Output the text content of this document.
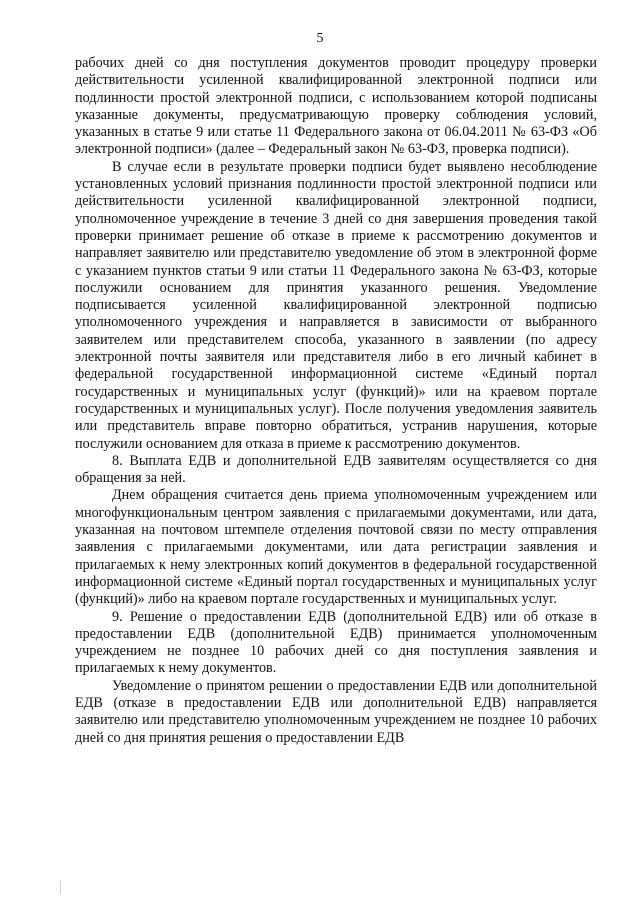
5

рабочих дней со дня поступления документов проводит процедуру проверки действительности усиленной квалифицированной электронной подписи или подлинности простой электронной подписи, с использованием которой подписаны указанные документы, предусматривающую проверку соблюдения условий, указанных в статье 9 или статье 11 Федерального закона от 06.04.2011 № 63-ФЗ «Об электронной подписи» (далее – Федеральный закон № 63-ФЗ, проверка подписи).

В случае если в результате проверки подписи будет выявлено несоблюдение установленных условий признания подлинности простой электронной подписи или действительности усиленной квалифицированной электронной подписи, уполномоченное учреждение в течение 3 дней со дня завершения проведения такой проверки принимает решение об отказе в приеме к рассмотрению документов и направляет заявителю или представителю уведомление об этом в электронной форме с указанием пунктов статьи 9 или статьи 11 Федерального закона № 63-ФЗ, которые послужили основанием для принятия указанного решения. Уведомление подписывается усиленной квалифицированной электронной подписью уполномоченного учреждения и направляется в зависимости от выбранного заявителем или представителем способа, указанного в заявлении (по адресу электронной почты заявителя или представителя либо в его личный кабинет в федеральной государственной информационной системе «Единый портал государственных и муниципальных услуг (функций)» или на краевом портале государственных и муниципальных услуг). После получения уведомления заявитель или представитель вправе повторно обратиться, устранив нарушения, которые послужили основанием для отказа в приеме к рассмотрению документов.

8. Выплата ЕДВ и дополнительной ЕДВ заявителям осуществляется со дня обращения за ней.

Днем обращения считается день приема уполномоченным учреждением или многофункциональным центром заявления с прилагаемыми документами, или дата, указанная на почтовом штемпеле отделения почтовой связи по месту отправления заявления с прилагаемыми документами, или дата регистрации заявления и прилагаемых к нему электронных копий документов в федеральной государственной информационной системе «Единый портал государственных и муниципальных услуг (функций)» либо на краевом портале государственных и муниципальных услуг.

9. Решение о предоставлении ЕДВ (дополнительной ЕДВ) или об отказе в предоставлении ЕДВ (дополнительной ЕДВ) принимается уполномоченным учреждением не позднее 10 рабочих дней со дня поступления заявления и прилагаемых к нему документов.

Уведомление о принятом решении о предоставлении ЕДВ или дополнительной ЕДВ (отказе в предоставлении ЕДВ или дополнительной ЕДВ) направляется заявителю или представителю уполномоченным учреждением не позднее 10 рабочих дней со дня принятия решения о предоставлении ЕДВ
